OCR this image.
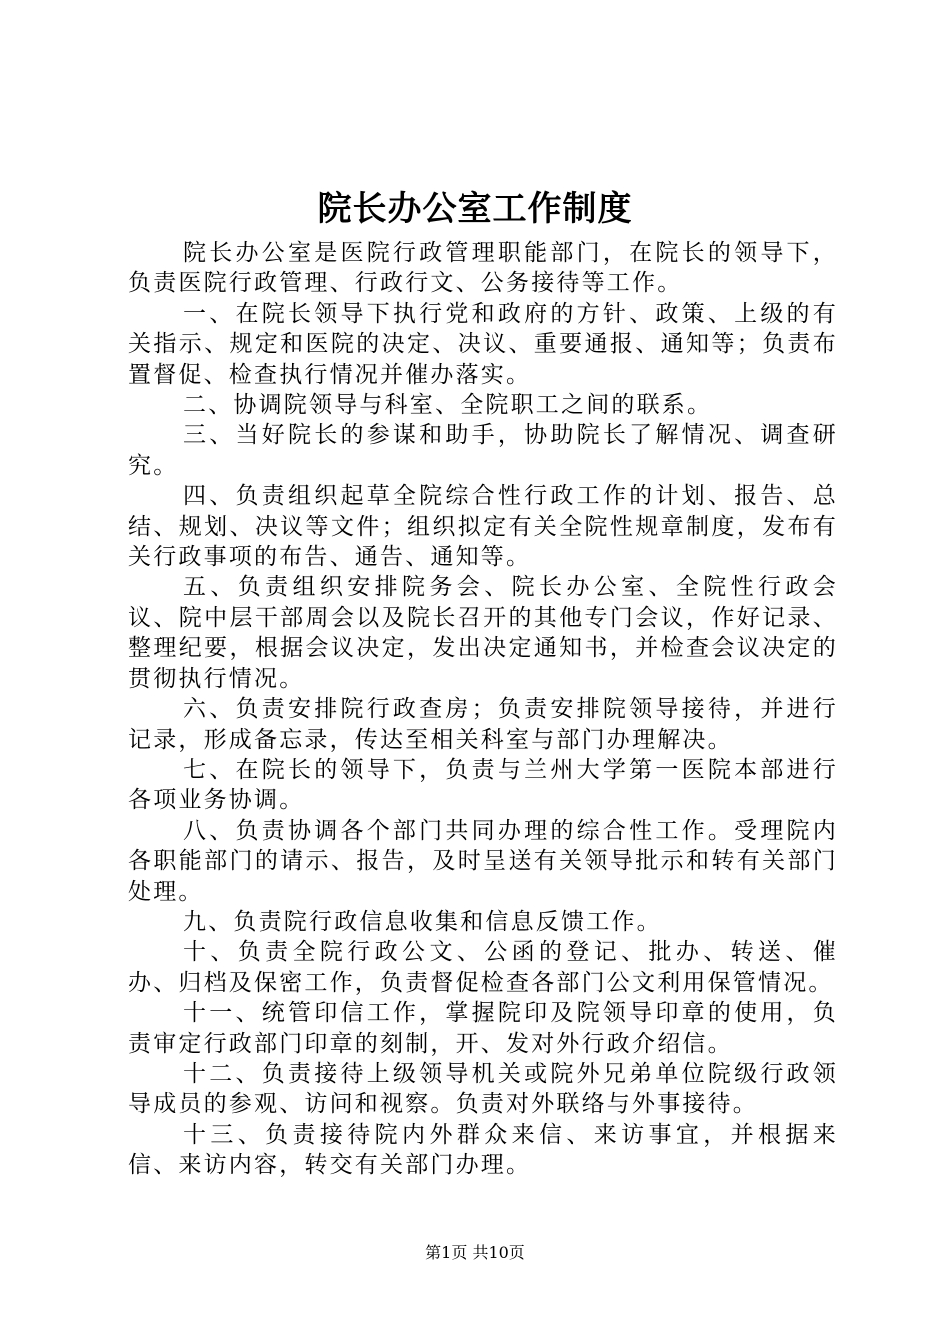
院长办公室工作制度

院长办公室是医院行政管理职能部门，在院长的领导下，负责医院行政管理、行政行文、公务接待等工作。

一、在院长领导下执行党和政府的方针、政策、上级的有关指示、规定和医院的决定、决议、重要通报、通知等；负责布置督促、检查执行情况并催办落实。

二、协调院领导与科室、全院职工之间的联系。

三、当好院长的参谋和助手，协助院长了解情况、调查研究。

四、负责组织起草全院综合性行政工作的计划、报告、总结、规划、决议等文件；组织拟定有关全院性规章制度，发布有关行政事项的布告、通告、通知等。

五、负责组织安排院务会、院长办公室、全院性行政会议、院中层干部周会以及院长召开的其他专门会议，作好记录、整理纪要，根据会议决定，发出决定通知书，并检查会议决定的贯彻执行情况。

六、负责安排院行政查房；负责安排院领导接待，并进行记录，形成备忘录，传达至相关科室与部门办理解决。

七、在院长的领导下，负责与兰州大学第一医院本部进行各项业务协调。

八、负责协调各个部门共同办理的综合性工作。受理院内各职能部门的请示、报告，及时呈送有关领导批示和转有关部门处理。

九、负责院行政信息收集和信息反馈工作。

十、负责全院行政公文、公函的登记、批办、转送、催办、归档及保密工作，负责督促检查各部门公文利用保管情况。

十一、统管印信工作，掌握院印及院领导印章的使用，负责审定行政部门印章的刻制，开、发对外行政介绍信。

十二、负责接待上级领导机关或院外兄弟单位院级行政领导成员的参观、访问和视察。负责对外联络与外事接待。

十三、负责接待院内外群众来信、来访事宜，并根据来信、来访内容，转交有关部门办理。

第1页 共10页
